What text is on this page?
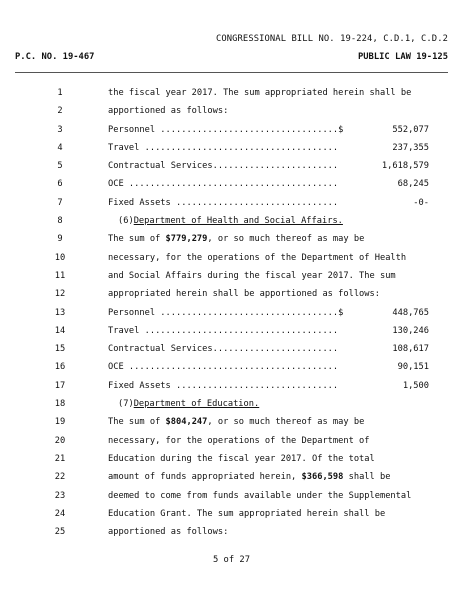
CONGRESSIONAL BILL NO. 19-224, C.D.1, C.D.2
P.C. NO. 19-467	PUBLIC LAW 19-125
1	the fiscal year 2017. The sum appropriated herein shall be
2	apportioned as follows:
3	Personnel ..................................$	552,077
4	Travel .....................................	237,355
5	Contractual Services........................	1,618,579
6	OCE ........................................	68,245
7	Fixed Assets ...............................	-0-
8	(6)Department of Health and Social Affairs.
9	The sum of $779,279, or so much thereof as may be
10	necessary, for the operations of the Department of Health
11	and Social Affairs during the fiscal year 2017. The sum
12	appropriated herein shall be apportioned as follows:
13	Personnel ..................................$	448,765
14	Travel .....................................	130,246
15	Contractual Services........................	108,617
16	OCE ........................................	90,151
17	Fixed Assets ...............................	1,500
18	(7)Department of Education.
19	The sum of $804,247, or so much thereof as may be
20	necessary, for the operations of the Department of
21	Education during the fiscal year 2017. Of the total
22	amount of funds appropriated herein, $366,598 shall be
23	deemed to come from funds available under the Supplemental
24	Education Grant. The sum appropriated herein shall be
25	apportioned as follows:
5 of 27
